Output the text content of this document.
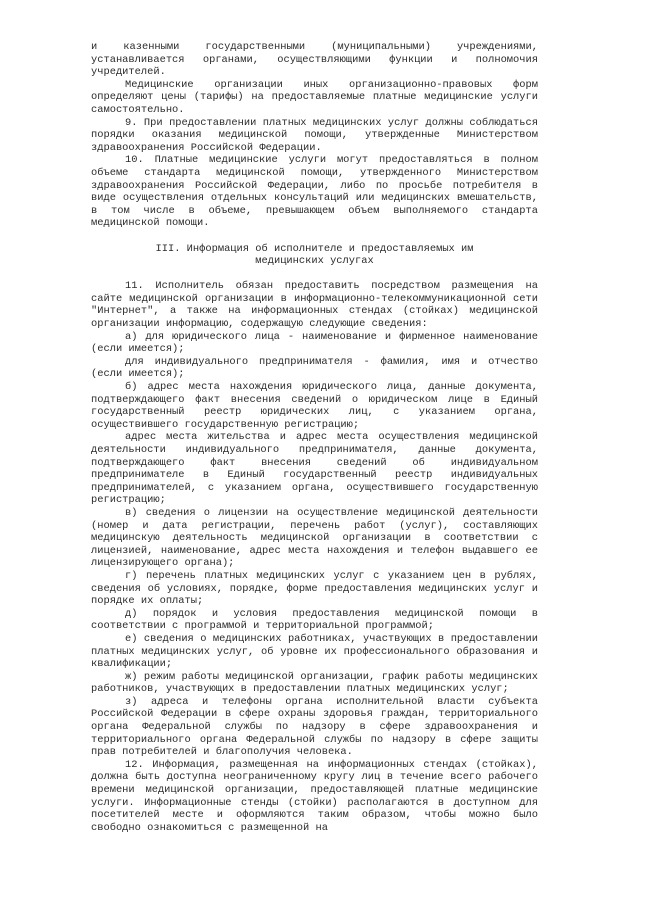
и казенными государственными (муниципальными) учреждениями, устанавливается органами, осуществляющими функции и полномочия учредителей.

Медицинские организации иных организационно-правовых форм определяют цены (тарифы) на предоставляемые платные медицинские услуги самостоятельно.

9. При предоставлении платных медицинских услуг должны соблюдаться порядки оказания медицинской помощи, утвержденные Министерством здравоохранения Российской Федерации.

10. Платные медицинские услуги могут предоставляться в полном объеме стандарта медицинской помощи, утвержденного Министерством здравоохранения Российской Федерации, либо по просьбе потребителя в виде осуществления отдельных консультаций или медицинских вмешательств, в том числе в объеме, превышающем объем выполняемого стандарта медицинской помощи.

III. Информация об исполнителе и предоставляемых им

медицинских услугах

11. Исполнитель обязан предоставить посредством размещения на сайте медицинской организации в информационно-телекоммуникационной сети "Интернет", а также на информационных стендах (стойках) медицинской организации информацию, содержащую следующие сведения:

а) для юридического лица - наименование и фирменное наименование (если имеется);

для индивидуального предпринимателя - фамилия, имя и отчество (если имеется);

б) адрес места нахождения юридического лица, данные документа, подтверждающего факт внесения сведений о юридическом лице в Единый государственный реестр юридических лиц, с указанием органа, осуществившего государственную регистрацию;

адрес места жительства и адрес места осуществления медицинской деятельности индивидуального предпринимателя, данные документа, подтверждающего факт внесения сведений об индивидуальном предпринимателе в Единый государственный реестр индивидуальных предпринимателей, с указанием органа, осуществившего государственную регистрацию;

в) сведения о лицензии на осуществление медицинской деятельности (номер и дата регистрации, перечень работ (услуг), составляющих медицинскую деятельность медицинской организации в соответствии с лицензией, наименование, адрес места нахождения и телефон выдавшего ее лицензирующего органа);

г) перечень платных медицинских услуг с указанием цен в рублях, сведения об условиях, порядке, форме предоставления медицинских услуг и порядке их оплаты;

д) порядок и условия предоставления медицинской помощи в соответствии с программой и территориальной программой;

е) сведения о медицинских работниках, участвующих в предоставлении платных медицинских услуг, об уровне их профессионального образования и квалификации;

ж) режим работы медицинской организации, график работы медицинских работников, участвующих в предоставлении платных медицинских услуг;

з) адреса и телефоны органа исполнительной власти субъекта Российской Федерации в сфере охраны здоровья граждан, территориального органа Федеральной службы по надзору в сфере здравоохранения и территориального органа Федеральной службы по надзору в сфере защиты прав потребителей и благополучия человека.

12. Информация, размещенная на информационных стендах (стойках), должна быть доступна неограниченному кругу лиц в течение всего рабочего времени медицинской организации, предоставляющей платные медицинские услуги. Информационные стенды (стойки) располагаются в доступном для посетителей месте и оформляются таким образом, чтобы можно было свободно ознакомиться с размещенной на
